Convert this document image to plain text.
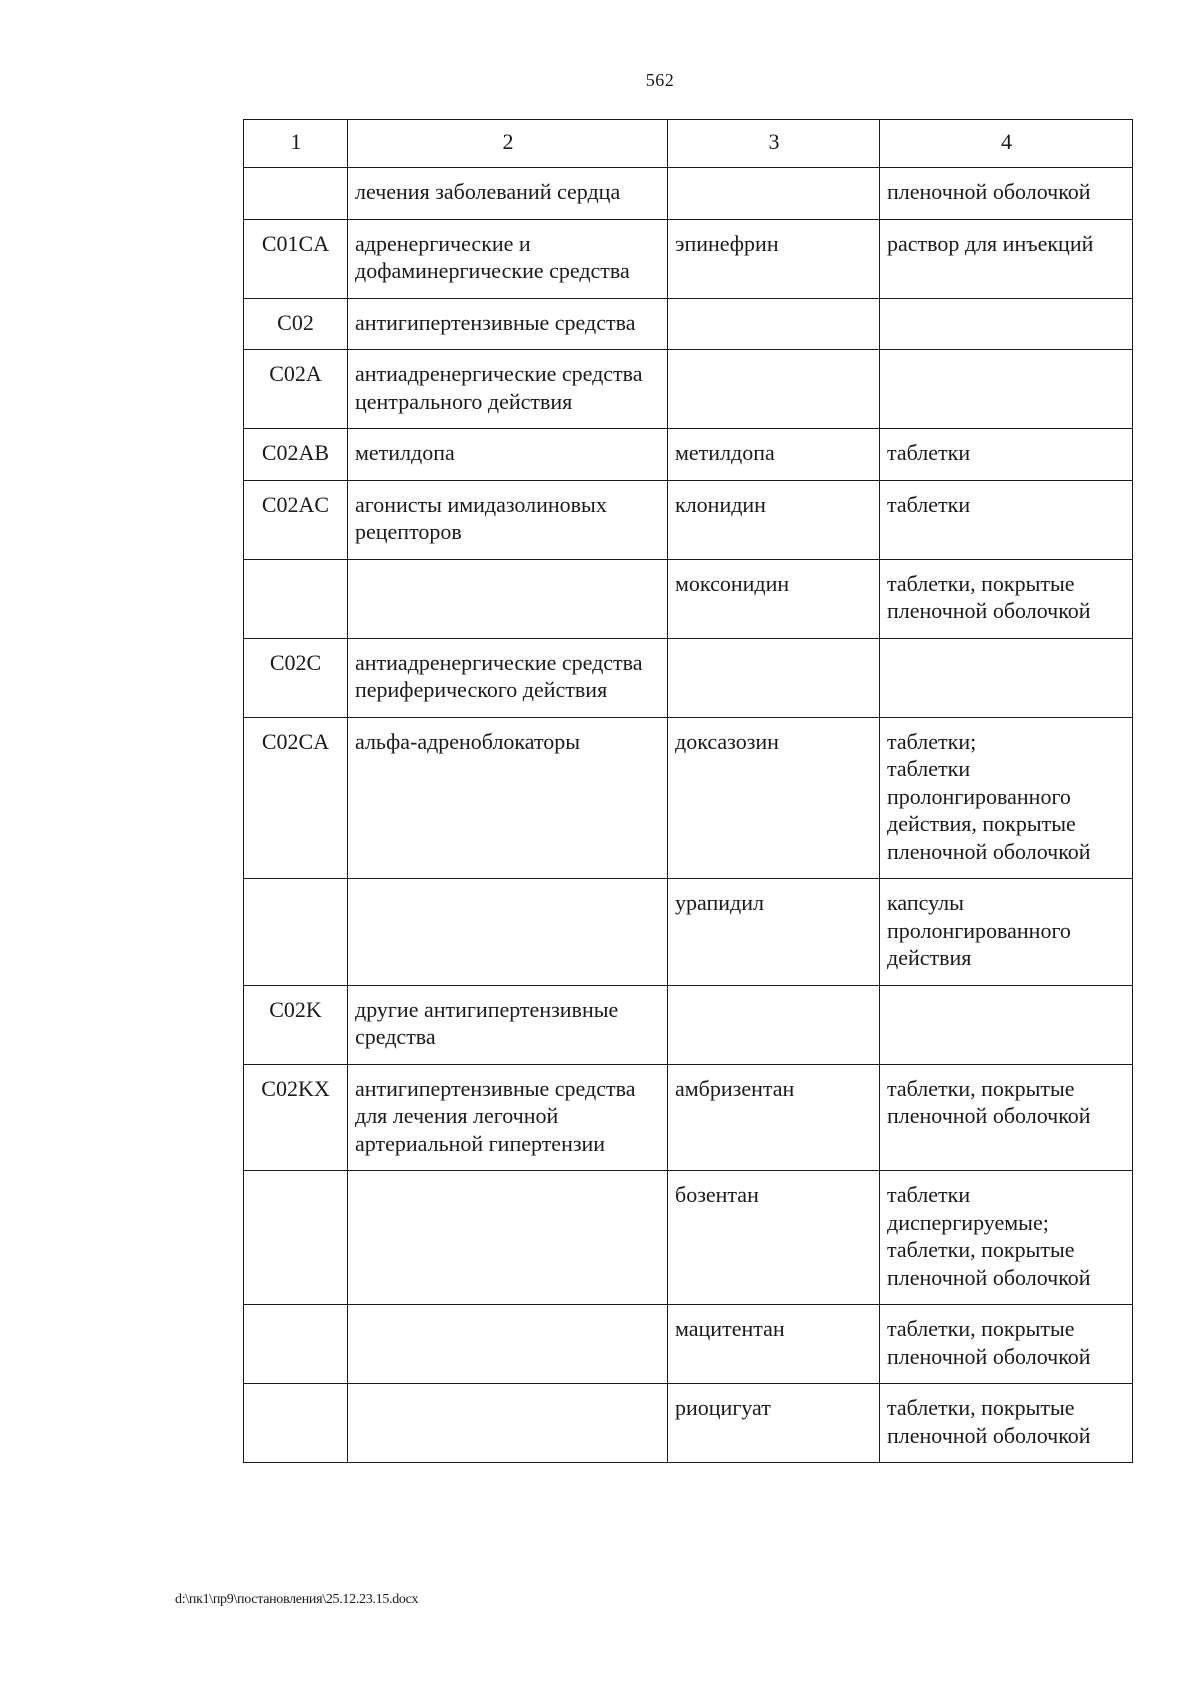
562
1	2	3	4
	лечения заболеваний сердца		пленочной оболочкой
C01CA	адренергические и дофаминергические средства	эпинефрин	раствор для инъекций
C02	антигипертензивные средства		
C02A	антиадренергические средства центрального действия		
C02AB	метилдопа	метилдопа	таблетки
C02AC	агонисты имидазолиновых рецепторов	клонидин	таблетки
		моксонидин	таблетки, покрытые пленочной оболочкой
C02C	антиадренергические средства периферического действия		
C02CA	альфа-адреноблокаторы	доксазозин	таблетки;
таблетки пролонгированного действия, покрытые пленочной оболочкой
		урапидил	капсулы пролонгированного действия
C02K	другие антигипертензивные средства		
C02KX	антигипертензивные средства для лечения легочной артериальной гипертензии	амбризентан	таблетки, покрытые пленочной оболочкой
		бозентан	таблетки диспергируемые;
таблетки, покрытые пленочной оболочкой
		мацитентан	таблетки, покрытые пленочной оболочкой
		риоцигуат	таблетки, покрытые пленочной оболочкой
d:\пк1\пр9\постановления\25.12.23.15.docx
